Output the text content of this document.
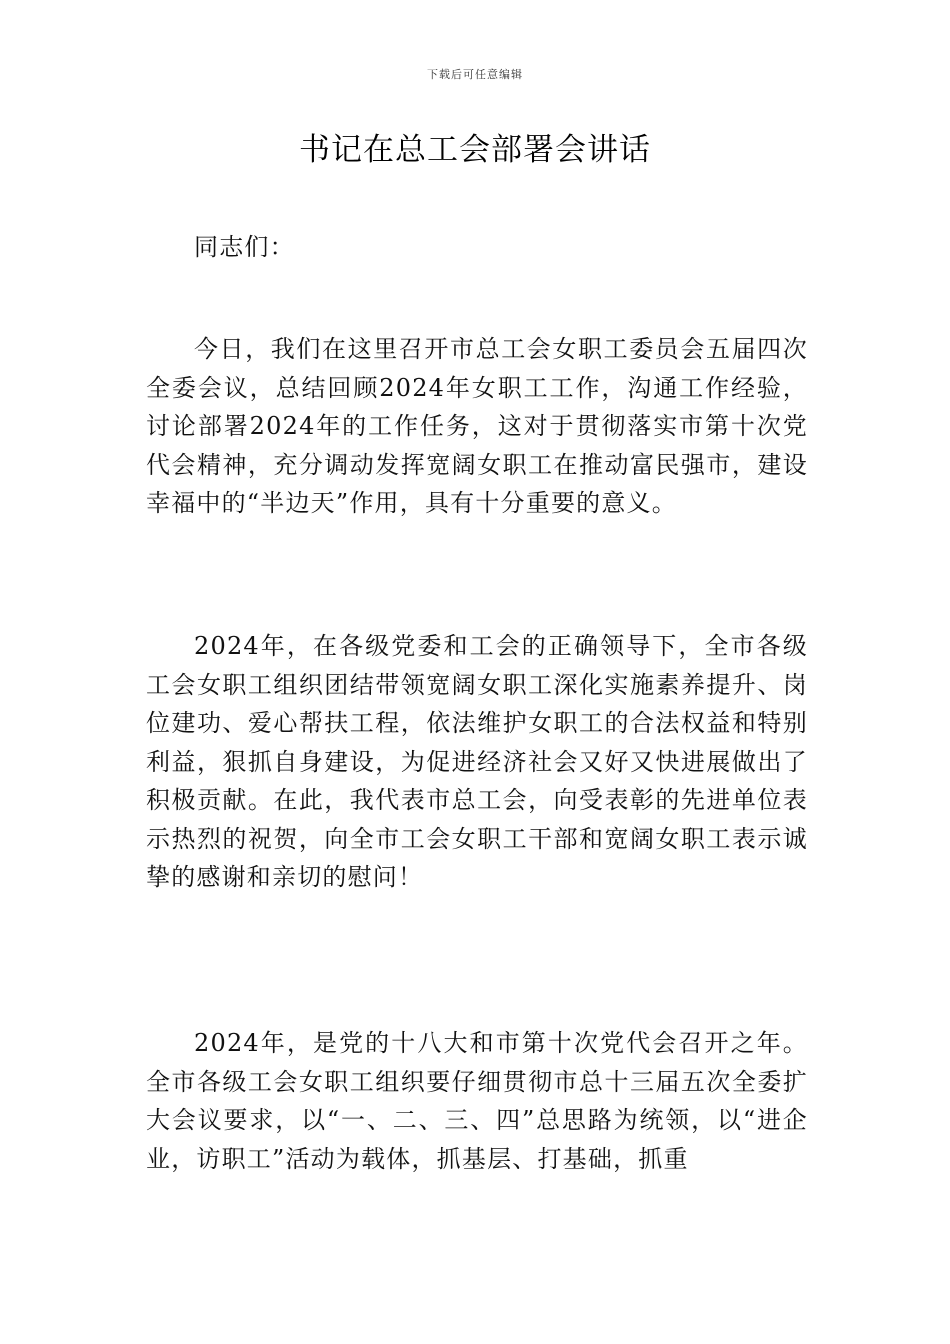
下载后可任意编辑
书记在总工会部署会讲话

同志们：

今日，我们在这里召开市总工会女职工委员会五届四次全委会议，总结回顾2024年女职工工作，沟通工作经验，讨论部署2024年的工作任务，这对于贯彻落实市第十次党代会精神，充分调动发挥宽阔女职工在推动富民强市，建设幸福中的“半边天”作用，具有十分重要的意义。

2024年，在各级党委和工会的正确领导下，全市各级工会女职工组织团结带领宽阔女职工深化实施素养提升、岗位建功、爱心帮扶工程，依法维护女职工的合法权益和特别利益，狠抓自身建设，为促进经济社会又好又快进展做出了积极贡献。在此，我代表市总工会，向受表彰的先进单位表示热烈的祝贺，向全市工会女职工干部和宽阔女职工表示诚挚的感谢和亲切的慰问！

2024年，是党的十八大和市第十次党代会召开之年。全市各级工会女职工组织要仔细贯彻市总十三届五次全委扩大会议要求，以“一、二、三、四”总思路为统领，以“进企业，访职工”活动为载体，抓基层、打基础，抓重
